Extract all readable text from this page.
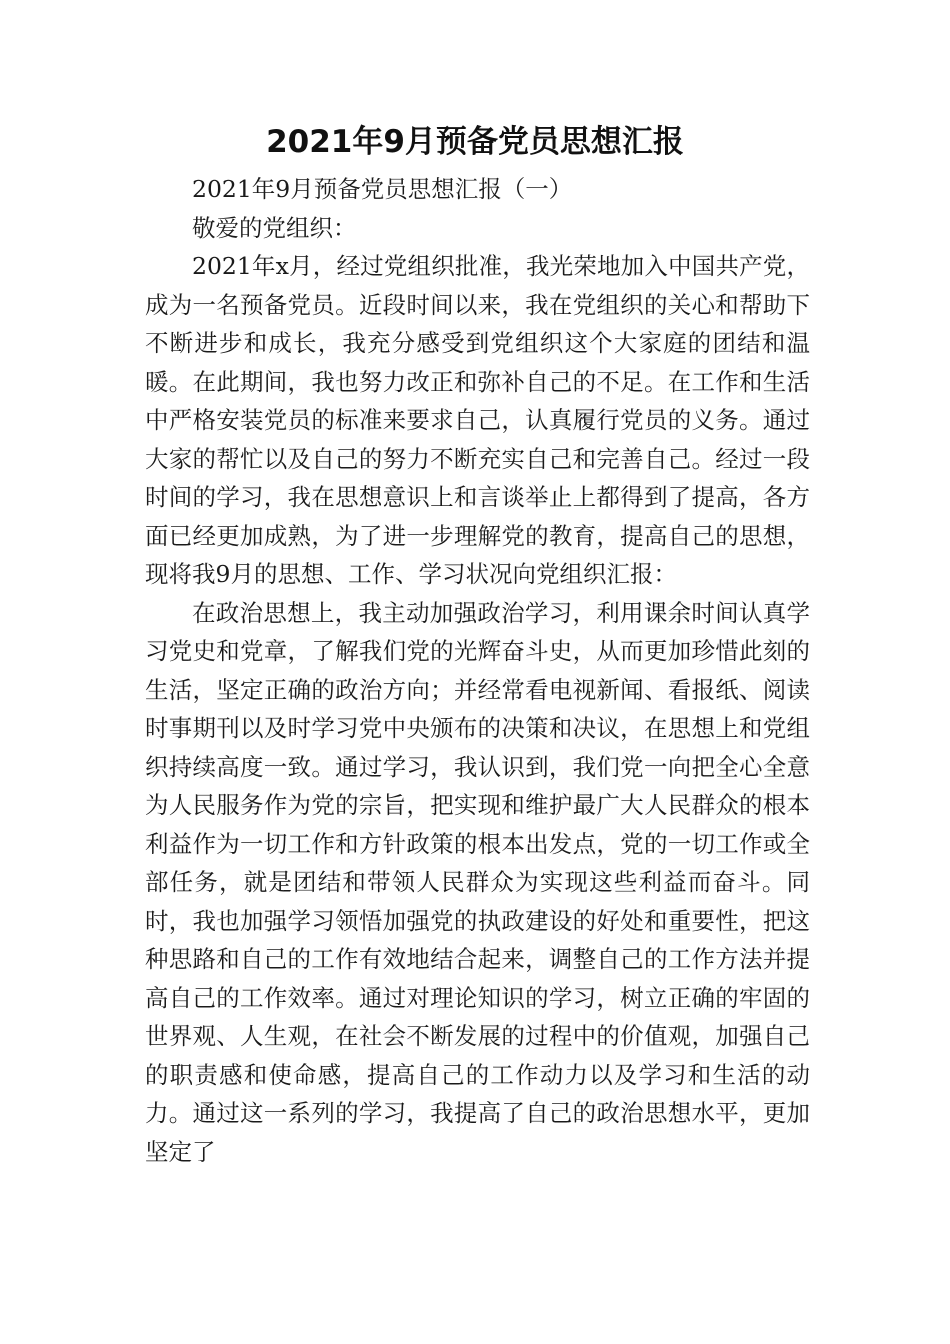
2021年9月预备党员思想汇报

2021年9月预备党员思想汇报（一）

敬爱的党组织：

2021年x月，经过党组织批准，我光荣地加入中国共产党，成为一名预备党员。近段时间以来，我在党组织的关心和帮助下不断进步和成长，我充分感受到党组织这个大家庭的团结和温暖。在此期间，我也努力改正和弥补自己的不足。在工作和生活中严格安装党员的标准来要求自己，认真履行党员的义务。通过大家的帮忙以及自己的努力不断充实自己和完善自己。经过一段时间的学习，我在思想意识上和言谈举止上都得到了提高，各方面已经更加成熟，为了进一步理解党的教育，提高自己的思想，现将我9月的思想、工作、学习状况向党组织汇报：

在政治思想上，我主动加强政治学习，利用课余时间认真学习党史和党章，了解我们党的光辉奋斗史，从而更加珍惜此刻的生活，坚定正确的政治方向；并经常看电视新闻、看报纸、阅读时事期刊以及时学习党中央颁布的决策和决议，在思想上和党组织持续高度一致。通过学习，我认识到，我们党一向把全心全意为人民服务作为党的宗旨，把实现和维护最广大人民群众的根本利益作为一切工作和方针政策的根本出发点，党的一切工作或全部任务，就是团结和带领人民群众为实现这些利益而奋斗。同时，我也加强学习领悟加强党的执政建设的好处和重要性，把这种思路和自己的工作有效地结合起来，调整自己的工作方法并提高自己的工作效率。通过对理论知识的学习，树立正确的牢固的世界观、人生观，在社会不断发展的过程中的价值观，加强自己的职责感和使命感，提高自己的工作动力以及学习和生活的动力。通过这一系列的学习，我提高了自己的政治思想水平，更加坚定了
